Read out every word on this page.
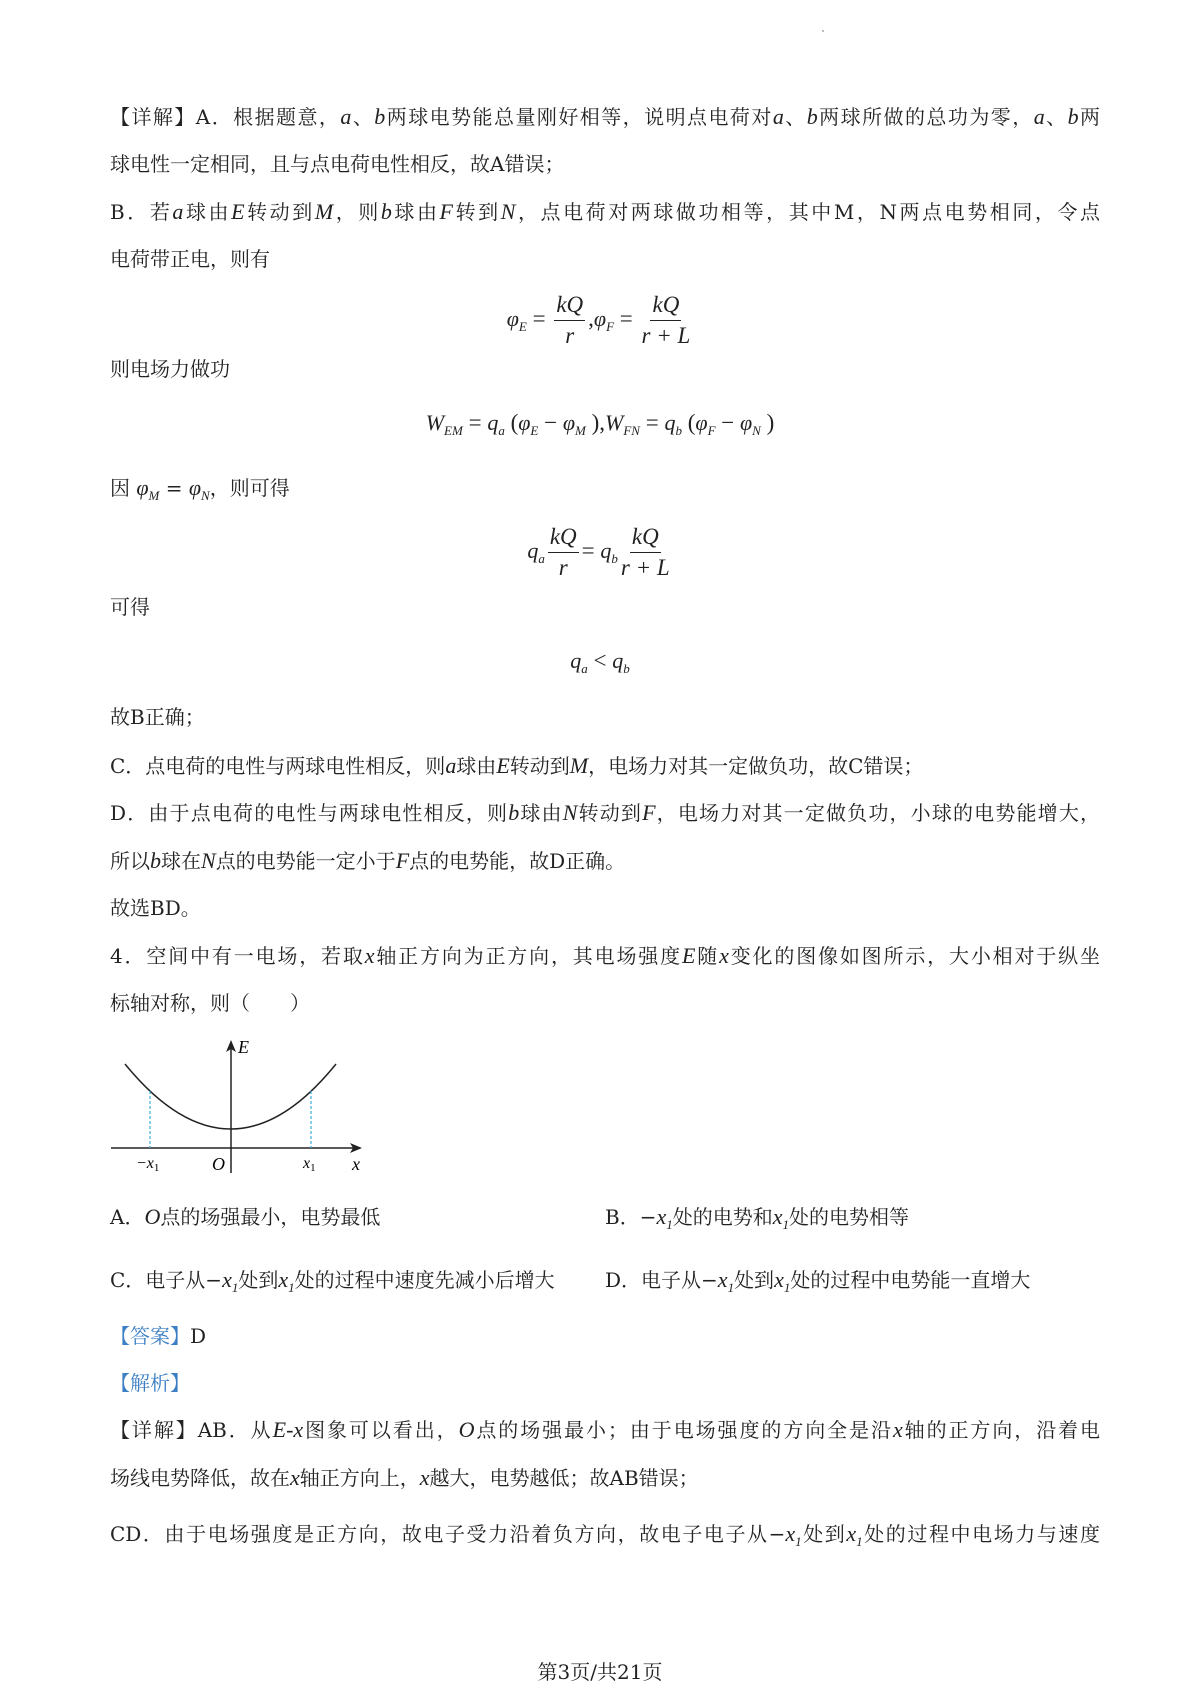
【详解】A．根据题意，a、b两球电势能总量刚好相等，说明点电荷对a、b两球所做的总功为零，a、b两
球电性一定相同，且与点电荷电性相反，故A错误；
B．若a球由E转动到M，则b球由F转到N，点电荷对两球做功相等，其中M，N两点电势相同，令点
电荷带正电，则有
$\varphi_E = \frac{kQ}{r} ,\varphi_F = \frac{kQ}{r + L}$
则电场力做功
$W_{EM} = q_a$ ($\varphi_E - \varphi_M$ )$,W_{FN} = q_b$ ($\varphi_F - \varphi_N$ )
因 $\varphi_M = \varphi_N$，则可得
$q_a \frac{kQ}{r} = q_b \frac{kQ}{r + L}$
可得
$q_a < q_b$
故B正确；
C．点电荷的电性与两球电性相反，则a球由E转动到M，电场力对其一定做负功，故C错误；
D．由于点电荷的电性与两球电性相反，则b球由N转动到F，电场力对其一定做负功，小球的电势能增大，
所以b球在N点的电势能一定小于F点的电势能，故D正确。
故选BD。
4．空间中有一电场，若取x轴正方向为正方向，其电场强度E随x变化的图像如图所示，大小相对于纵坐
标轴对称，则（　　）
E
x
O
−x1	x1
A．O点的场强最小，电势最低	B．$-x_1$处的电势和$x_1$处的电势相等
C．电子从$-x_1$处到$x_1$处的过程中速度先减小后增大	D．电子从$-x_1$处到$x_1$处的过程中电势能一直增大
【答案】D
【解析】
【详解】AB．从E-x图象可以看出，O点的场强最小；由于电场强度的方向全是沿x轴的正方向，沿着电
场线电势降低，故在x轴正方向上，x越大，电势越低；故AB错误；
CD．由于电场强度是正方向，故电子受力沿着负方向，故电子电子从$-x_1$处到$x_1$处的过程中电场力与速度
第3页/共21页
